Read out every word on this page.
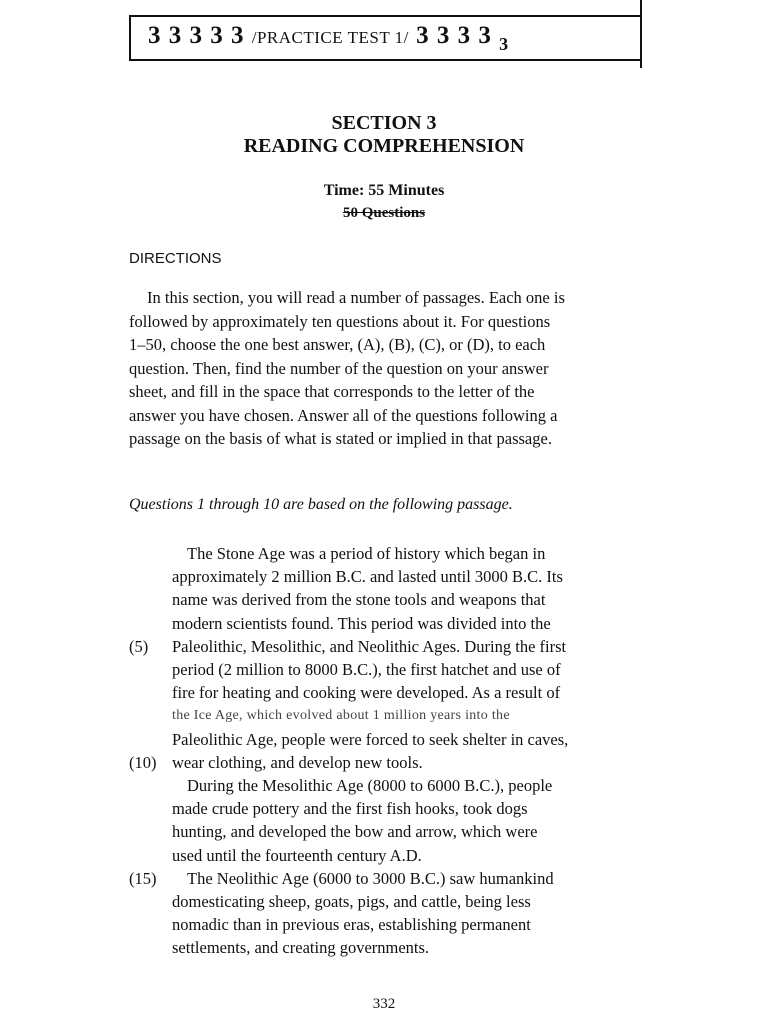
3 3 3 3 3 /PRACTICE TEST 1/ 3 3 3 3 $_3$
SECTION 3
READING COMPREHENSION
Time: 55 Minutes
50 Questions
DIRECTIONS
In this section, you will read a number of passages. Each one is
followed by approximately ten questions about it. For questions
1–50, choose the one best answer, (A), (B), (C), or (D), to each
question. Then, find the number of the question on your answer
sheet, and fill in the space that corresponds to the letter of the
answer you have chosen. Answer all of the questions following a
passage on the basis of what is stated or implied in that passage.
Questions 1 through 10 are based on the following passage.
The Stone Age was a period of history which began in
approximately 2 million B.C. and lasted until 3000 B.C. Its
name was derived from the stone tools and weapons that
modern scientists found. This period was divided into the
(5) Paleolithic, Mesolithic, and Neolithic Ages. During the first
period (2 million to 8000 B.C.), the first hatchet and use of
fire for heating and cooking were developed. As a result of
the Ice Age, which evolved about 1 million years into the
Paleolithic Age, people were forced to seek shelter in caves,
(10) wear clothing, and develop new tools.
During the Mesolithic Age (8000 to 6000 B.C.), people
made crude pottery and the first fish hooks, took dogs
hunting, and developed the bow and arrow, which were
used until the fourteenth century A.D.
(15) The Neolithic Age (6000 to 3000 B.C.) saw humankind
domesticating sheep, goats, pigs, and cattle, being less
nomadic than in previous eras, establishing permanent
settlements, and creating governments.
332
